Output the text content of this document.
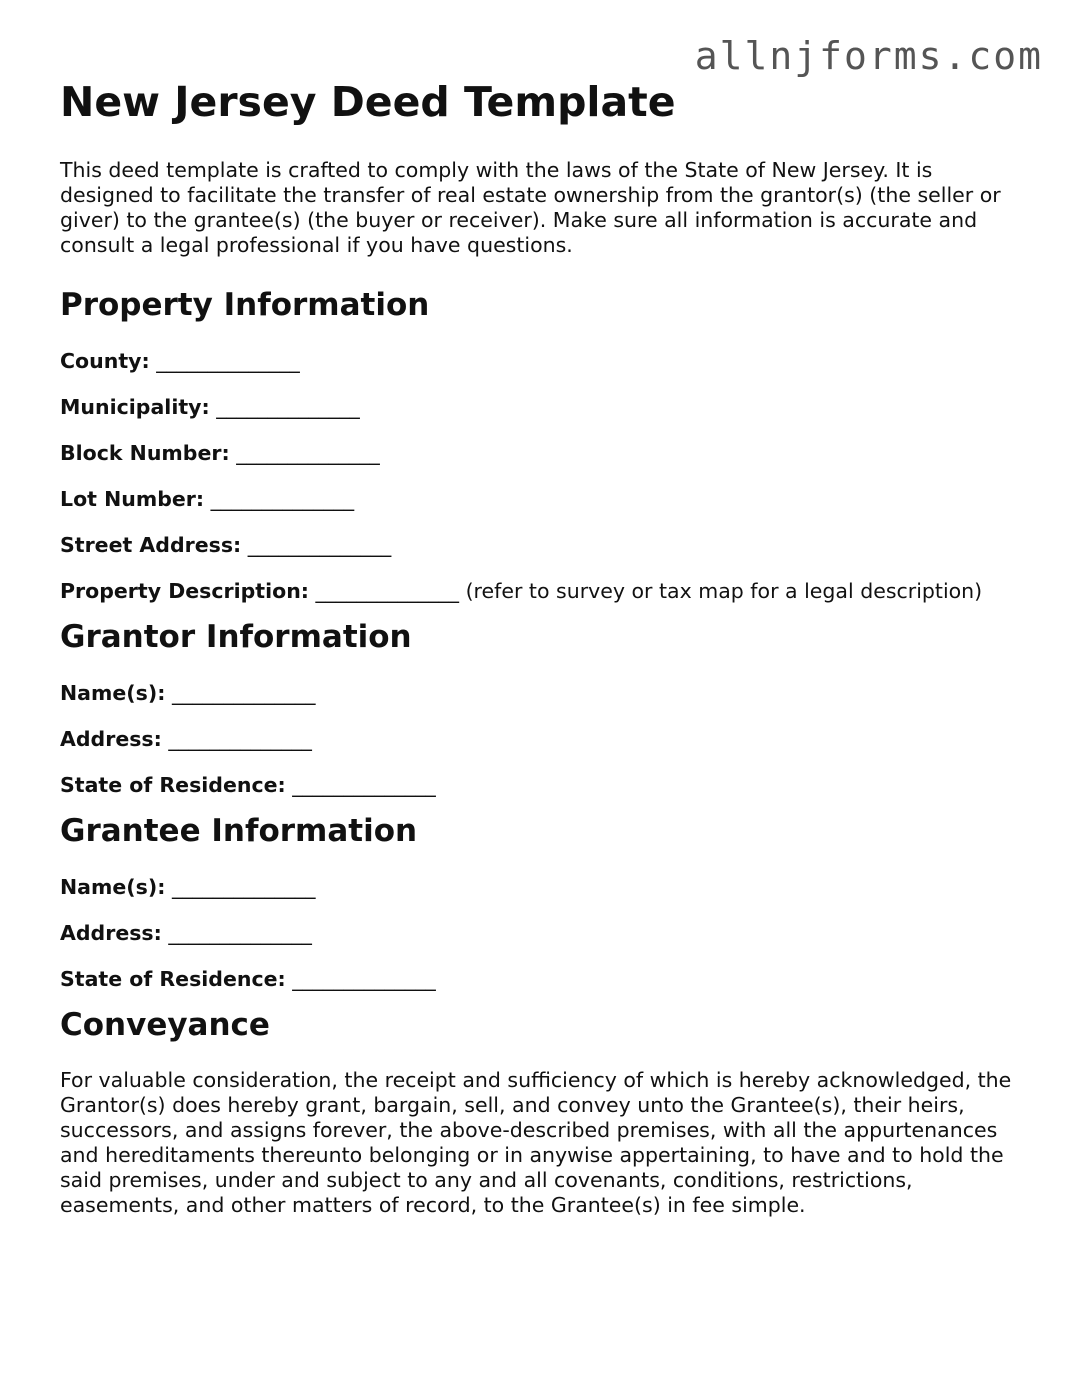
allnjforms.com
New Jersey Deed Template

This deed template is crafted to comply with the laws of the State of New Jersey. It is designed to facilitate the transfer of real estate ownership from the grantor(s) (the seller or giver) to the grantee(s) (the buyer or receiver). Make sure all information is accurate and consult a legal professional if you have questions.

Property Information
County: ______________
Municipality: ______________
Block Number: ______________
Lot Number: ______________
Street Address: ______________
Property Description: ______________ (refer to survey or tax map for a legal description)
Grantor Information
Name(s): ______________
Address: ______________
State of Residence: ______________
Grantee Information
Name(s): ______________
Address: ______________
State of Residence: ______________
Conveyance

For valuable consideration, the receipt and sufficiency of which is hereby acknowledged, the Grantor(s) does hereby grant, bargain, sell, and convey unto the Grantee(s), their heirs, successors, and assigns forever, the above-described premises, with all the appurtenances and hereditaments thereunto belonging or in anywise appertaining, to have and to hold the said premises, under and subject to any and all covenants, conditions, restrictions, easements, and other matters of record, to the Grantee(s) in fee simple.
